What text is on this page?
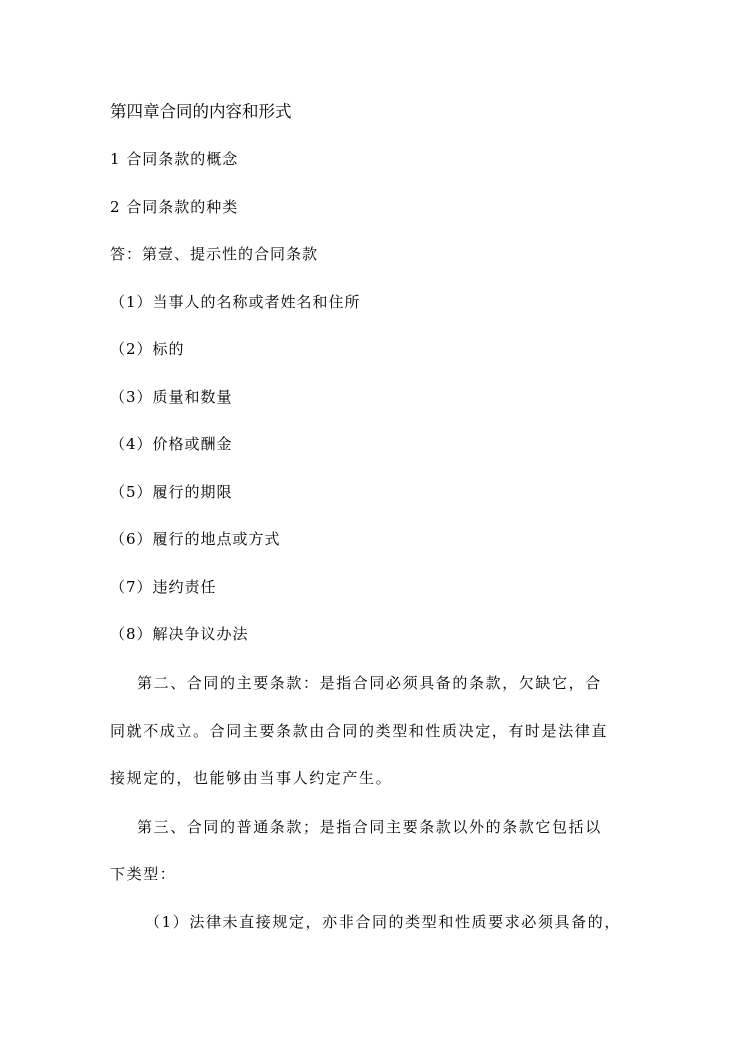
第四章合同的内容和形式
1 合同条款的概念
2 合同条款的种类
答：第壹、提示性的合同条款
（1）当事人的名称或者姓名和住所
（2）标的
（3）质量和数量
（4）价格或酬金
（5）履行的期限
（6）履行的地点或方式
（7）违约责任
（8）解决争议办法
第二、合同的主要条款：是指合同必须具备的条款，欠缺它，合
同就不成立。合同主要条款由合同的类型和性质决定，有时是法律直
接规定的，也能够由当事人约定产生。
第三、合同的普通条款；是指合同主要条款以外的条款它包括以
下类型：
（1）法律未直接规定，亦非合同的类型和性质要求必须具备的，
